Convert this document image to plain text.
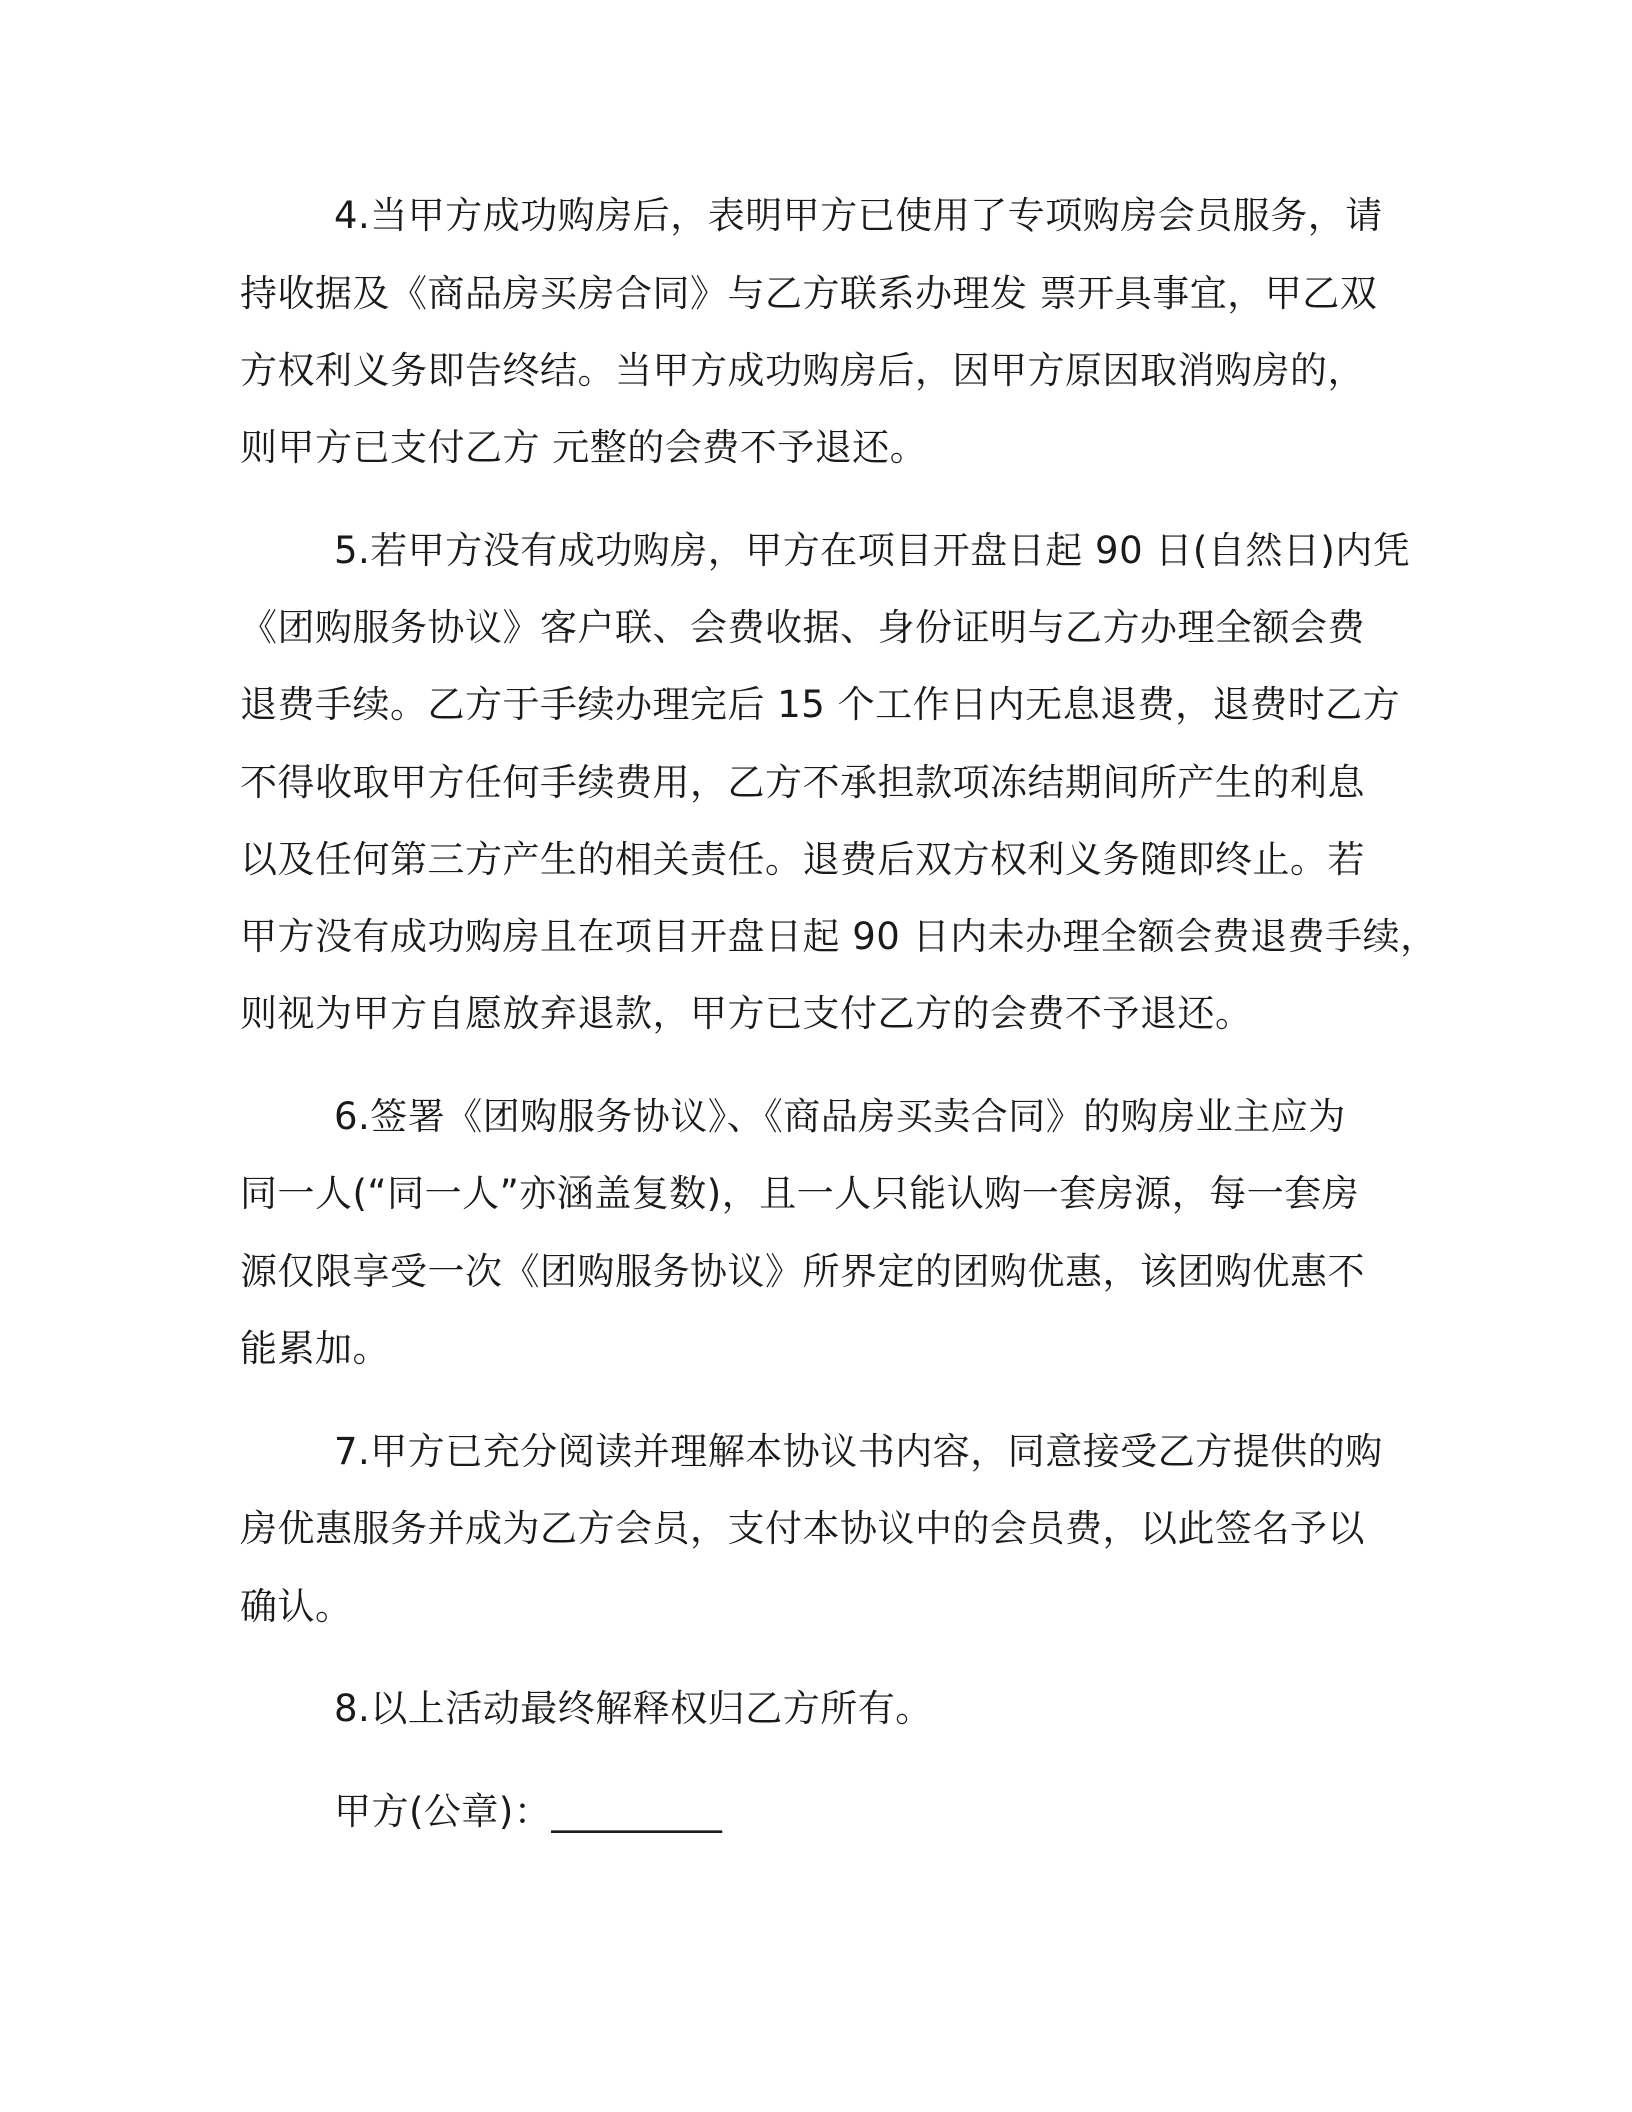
4.当甲方成功购房后，表明甲方已使用了专项购房会员服务，请
持收据及《商品房买房合同》与乙方联系办理发 票开具事宜，甲乙双
方权利义务即告终结。当甲方成功购房后，因甲方原因取消购房的，
则甲方已支付乙方 元整的会费不予退还。
5.若甲方没有成功购房，甲方在项目开盘日起 90 日(自然日)内凭
《团购服务协议》客户联、会费收据、身份证明与乙方办理全额会费
退费手续。乙方于手续办理完后 15 个工作日内无息退费，退费时乙方
不得收取甲方任何手续费用，乙方不承担款项冻结期间所产生的利息
以及任何第三方产生的相关责任。退费后双方权利义务随即终止。若
甲方没有成功购房且在项目开盘日起 90 日内未办理全额会费退费手续，
则视为甲方自愿放弃退款，甲方已支付乙方的会费不予退还。
6.签署《团购服务协议》、《商品房买卖合同》的购房业主应为
同一人(“同一人”亦涵盖复数)，且一人只能认购一套房源，每一套房
源仅限享受一次《团购服务协议》所界定的团购优惠，该团购优惠不
能累加。
7.甲方已充分阅读并理解本协议书内容，同意接受乙方提供的购
房优惠服务并成为乙方会员，支付本协议中的会员费，以此签名予以
确认。
8.以上活动最终解释权归乙方所有。
甲方(公章)：_________
